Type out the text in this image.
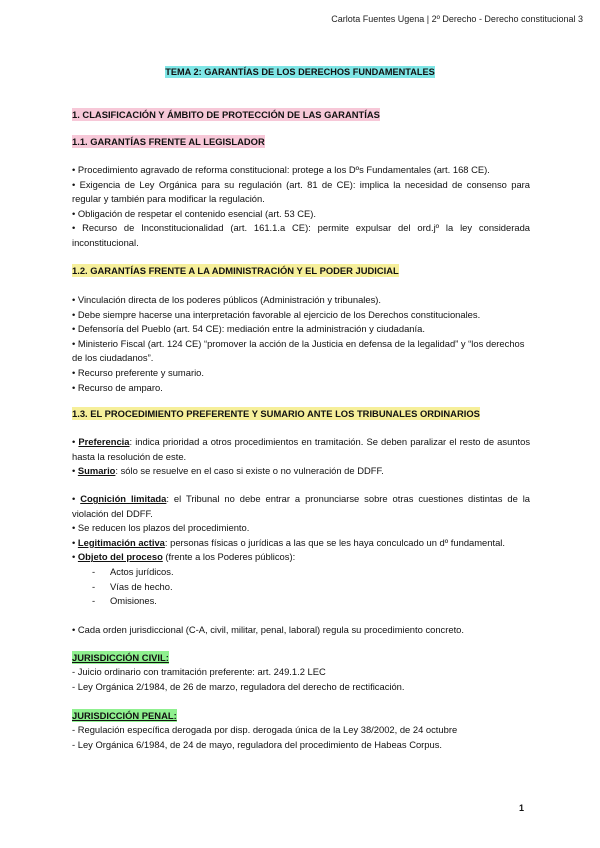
Carlota Fuentes Ugena | 2º Derecho - Derecho constitucional 3
TEMA 2: GARANTÍAS DE LOS DERECHOS FUNDAMENTALES
1. CLASIFICACIÓN Y ÁMBITO DE PROTECCIÓN DE LAS GARANTÍAS
1.1. GARANTÍAS FRENTE AL LEGISLADOR

• Procedimiento agravado de reforma constitucional: protege a los Dºs Fundamentales (art. 168 CE).

• Exigencia de Ley Orgánica para su regulación (art. 81 de CE): implica la necesidad de consenso para regular y también para modificar la regulación.

• Obligación de respetar el contenido esencial (art. 53 CE).

• Recurso de Inconstitucionalidad (art. 161.1.a CE): permite expulsar del ord.jº la ley considerada inconstitucional.

1.2. GARANTÍAS FRENTE A LA ADMINISTRACIÓN Y EL PODER JUDICIAL

• Vinculación directa de los poderes públicos (Administración y tribunales).

• Debe siempre hacerse una interpretación favorable al ejercicio de los Derechos constitucionales.

• Defensoría del Pueblo (art. 54 CE): mediación entre la administración y ciudadanía.

• Ministerio Fiscal (art. 124 CE) “promover la acción de la Justicia en defensa de la legalidad” y “los derechos de los ciudadanos”.

• Recurso preferente y sumario.

• Recurso de amparo.

1.3. EL PROCEDIMIENTO PREFERENTE Y SUMARIO ANTE LOS TRIBUNALES ORDINARIOS

• Preferencia: indica prioridad a otros procedimientos en tramitación. Se deben paralizar el resto de asuntos hasta la resolución de este.

• Sumario: sólo se resuelve en el caso si existe o no vulneración de DDFF.

• Cognición limitada: el Tribunal no debe entrar a pronunciarse sobre otras cuestiones distintas de la violación del DDFF.

• Se reducen los plazos del procedimiento.

• Legitimación activa: personas físicas o jurídicas a las que se les haya conculcado un dº fundamental.

• Objeto del proceso (frente a los Poderes públicos):

- Actos jurídicos.
- Vías de hecho.
- Omisiones.

• Cada orden jurisdiccional (C-A, civil, militar, penal, laboral) regula su procedimiento concreto.

JURISDICCIÓN CIVIL:

- Juicio ordinario con tramitación preferente: art. 249.1.2 LEC

- Ley Orgánica 2/1984, de 26 de marzo, reguladora del derecho de rectificación.

JURISDICCIÓN PENAL:

- Regulación específica derogada por disp. derogada única de la Ley 38/2002, de 24 octubre

- Ley Orgánica 6/1984, de 24 de mayo, reguladora del procedimiento de Habeas Corpus.

1
